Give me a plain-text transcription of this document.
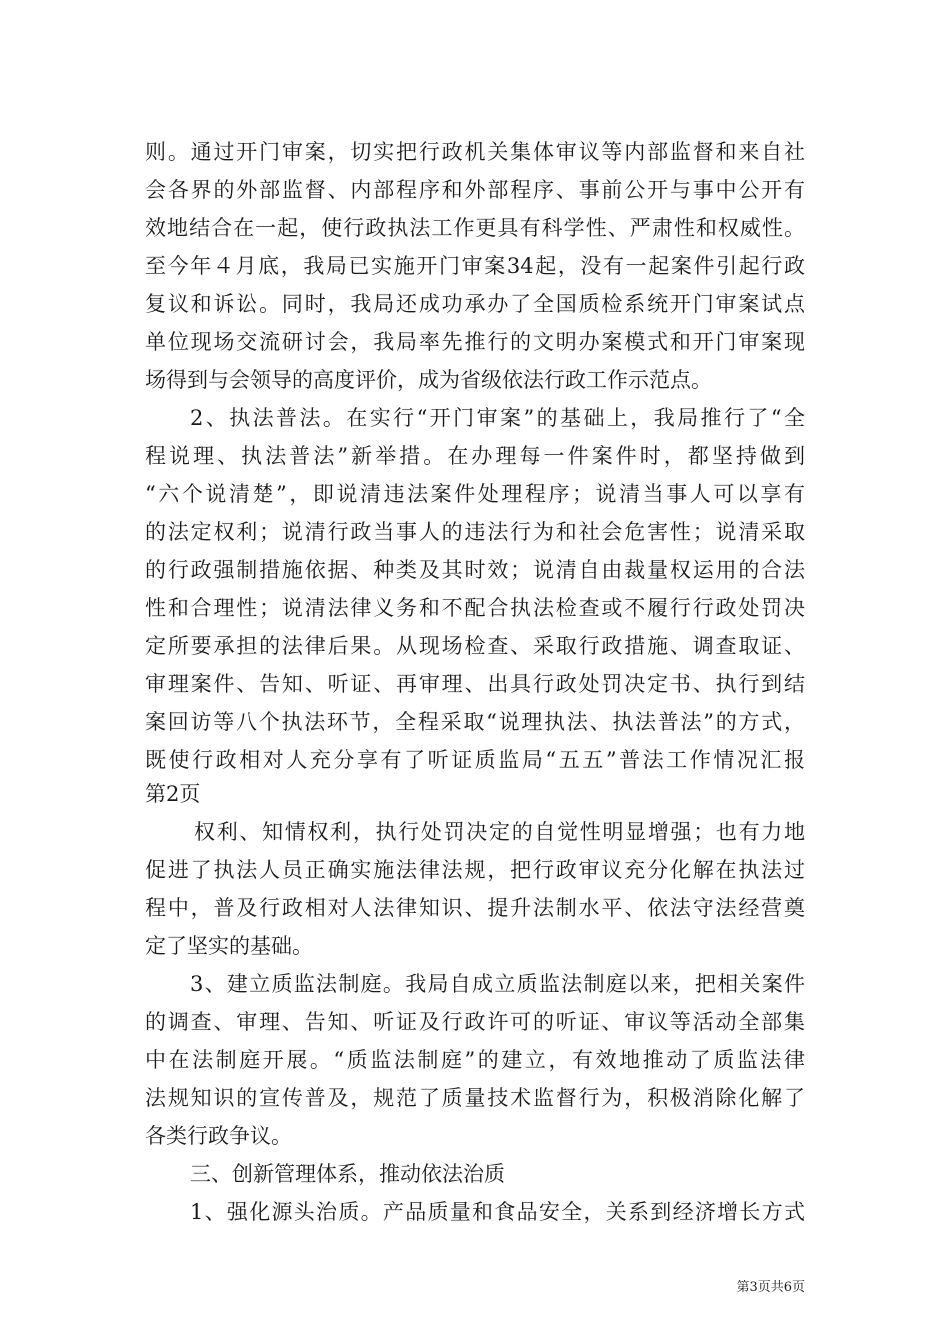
则。通过开门审案，切实把行政机关集体审议等内部监督和来自社
会各界的外部监督、内部程序和外部程序、事前公开与事中公开有
效地结合在一起，使行政执法工作更具有科学性、严肃性和权威性。
至今年４月底，我局已实施开门审案34起，没有一起案件引起行政
复议和诉讼。同时，我局还成功承办了全国质检系统开门审案试点
单位现场交流研讨会，我局率先推行的文明办案模式和开门审案现
场得到与会领导的高度评价，成为省级依法行政工作示范点。
2、执法普法。在实行“开门审案”的基础上，我局推行了“全
程说理、执法普法”新举措。在办理每一件案件时，都坚持做到
“六个说清楚”，即说清违法案件处理程序；说清当事人可以享有
的法定权利；说清行政当事人的违法行为和社会危害性；说清采取
的行政强制措施依据、种类及其时效；说清自由裁量权运用的合法
性和合理性；说清法律义务和不配合执法检查或不履行行政处罚决
定所要承担的法律后果。从现场检查、采取行政措施、调查取证、
审理案件、告知、听证、再审理、出具行政处罚决定书、执行到结
案回访等八个执法环节，全程采取“说理执法、执法普法”的方式，
既使行政相对人充分享有了听证质监局“五五”普法工作情况汇报
第2页
权利、知情权利，执行处罚决定的自觉性明显增强；也有力地
促进了执法人员正确实施法律法规，把行政审议充分化解在执法过
程中，普及行政相对人法律知识、提升法制水平、依法守法经营奠
定了坚实的基础。
3、建立质监法制庭。我局自成立质监法制庭以来，把相关案件
的调查、审理、告知、听证及行政许可的听证、审议等活动全部集
中在法制庭开展。“质监法制庭”的建立，有效地推动了质监法律
法规知识的宣传普及，规范了质量技术监督行为，积极消除化解了
各类行政争议。
三、创新管理体系，推动依法治质
1、强化源头治质。产品质量和食品安全，关系到经济增长方式
第3页共6页
